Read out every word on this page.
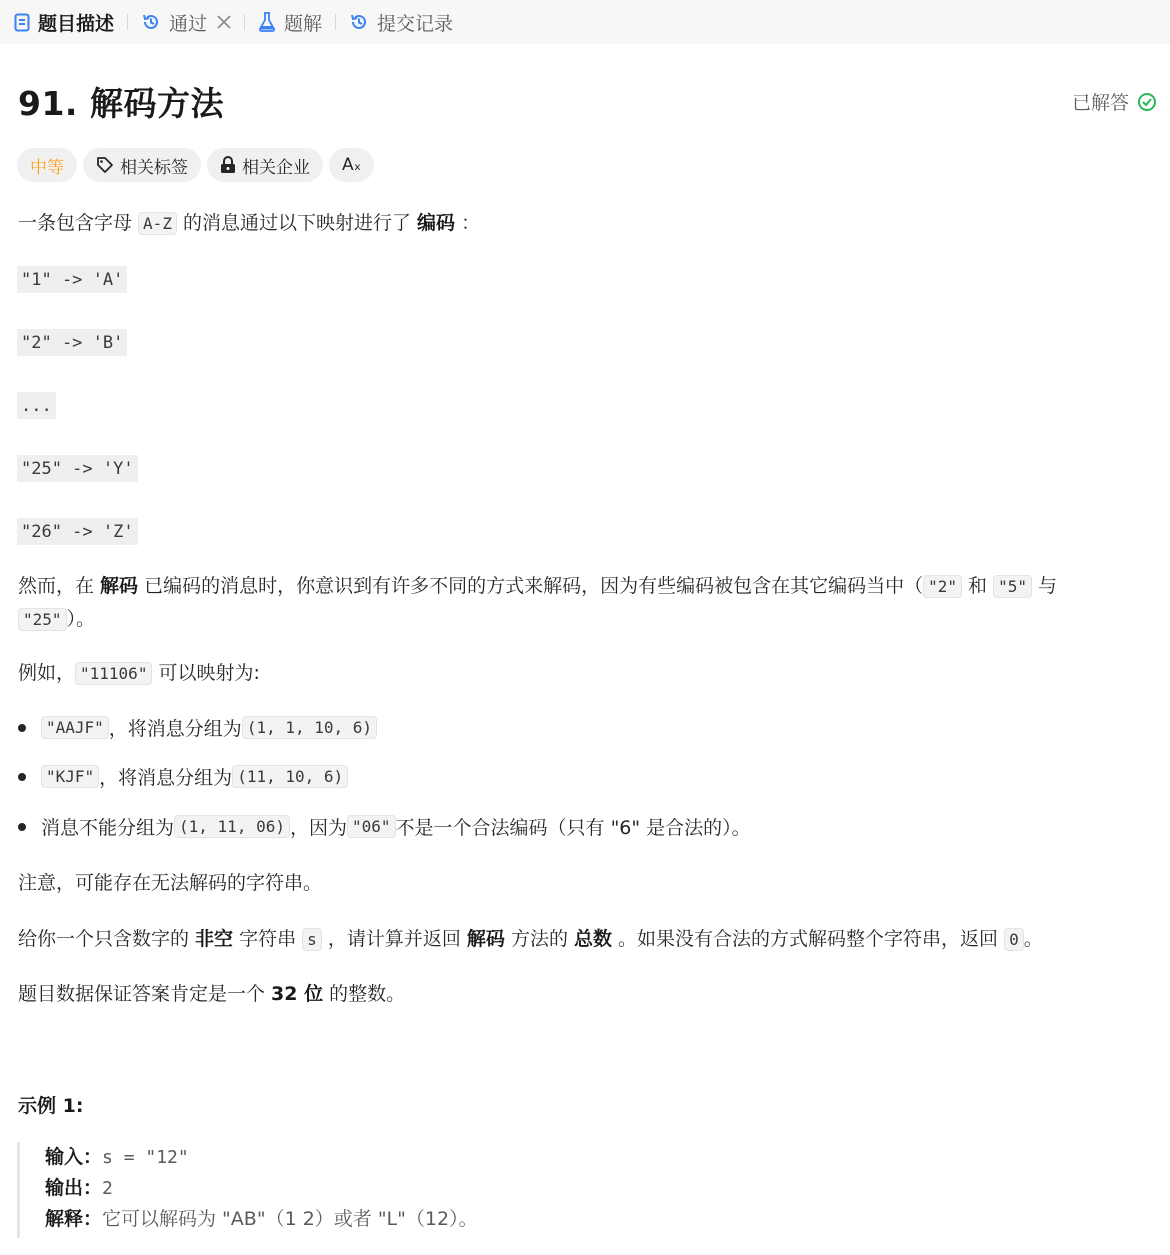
题目描述	通过	题解	提交记录
91. 解码方法	已解答
中等	相关标签	相关企业 Aₓ
一条包含字母 A-Z 的消息通过以下映射进行了 编码 ：
"1" -> 'A'
"2" -> 'B'
...
"25" -> 'Y'
"26" -> 'Z'
然而，在 解码 已编码的消息时，你意识到有许多不同的方式来解码，因为有些编码被包含在其它编码当中（ "2" 和 "5" 与
"25" ）。
例如， "11106" 可以映射为:
"AAJF" ，将消息分组为 (1, 1, 10, 6)
"KJF" ，将消息分组为 (11, 10, 6)
消息不能分组为 (1, 11, 06) ，因为 "06" 不是一个合法编码（只有 "6" 是合法的）。
注意，可能存在无法解码的字符串。
给你一个只含数字的 非空 字符串 s ，请计算并返回 解码 方法的 总数 。如果没有合法的方式解码整个字符串，返回 0 。
题目数据保证答案肯定是一个 32 位 的整数。
示例 1:
输入：s = "12"
输出：2
解释：它可以解码为 "AB"（1 2）或者 "L"（12）。
